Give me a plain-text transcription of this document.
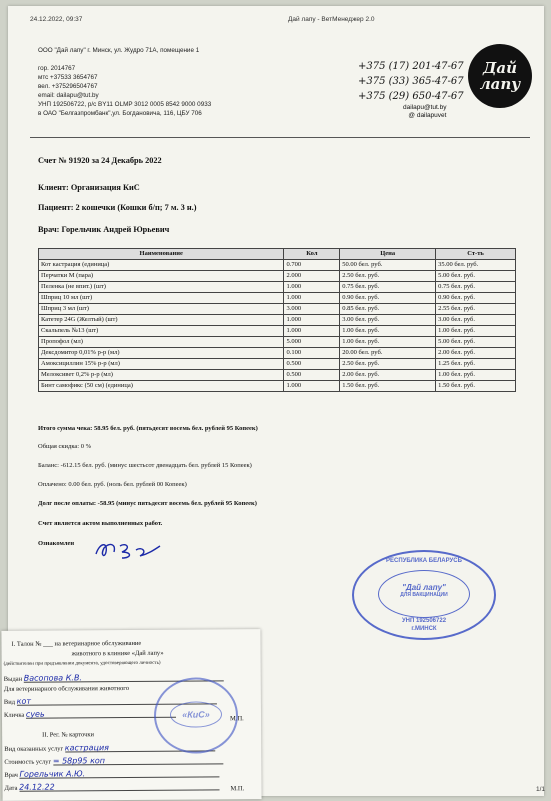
24.12.2022, 09:37	Дай лапу - ВетМенеджер 2.0
ООО "Дай лапу" г. Минск, ул. Жудро 71А, помещение 1
гор. 2014767
мтс +37533 3654767
вел. +375296504767
email: dailapu@tut.by
УНП 192506722, p/c BY11 OLMP 3012 0005 8542 9000 0933
в ОАО "Белгазпромбанк",ул. Богдановича, 116, ЦБУ 706
+375 (17) 201-47-67
+375 (33) 365-47-67
+375 (29) 650-47-67
dailapu@tut.by
@ dailapuvet
Дай
лапу
Счет № 91920 за 24 Декабрь 2022
Клиент: Организация КиС
Пациент: 2 кошечки (Кошки б/п; 7 м. 3 н.)
Врач: Горельчик Андрей Юрьевич
Наименование	Кол	Цена	Ст-ть
Кот кастрация (единица)	0.700	50.00 бел. руб.	35.00 бел. руб.
Перчатки М (пара)	2.000	2.50 бел. руб.	5.00 бел. руб.
Пеленка (не впит.) (шт)	1.000	0.75 бел. руб.	0.75 бел. руб.
Шприц 10 мл (шт)	1.000	0.90 бел. руб.	0.90 бел. руб.
Шприц 3 мл (шт)	3.000	0.85 бел. руб.	2.55 бел. руб.
Катетер 24G (Желтый) (шт)	1.000	3.00 бел. руб.	3.00 бел. руб.
Скальпель №13 (шт)	1.000	1.00 бел. руб.	1.00 бел. руб.
Пропофол (мл)	5.000	1.00 бел. руб.	5.00 бел. руб.
Дексдомитор 0,01% р-р (мл)	0.100	20.00 бел. руб.	2.00 бел. руб.
Амоксициллин 15% р-р (мл)	0.500	2.50 бел. руб.	1.25 бел. руб.
Мелоксивет 0,2% р-р (мл)	0.500	2.00 бел. руб.	1.00 бел. руб.
Бинт самофикс (50 см) (единица)	1.000	1.50 бел. руб.	1.50 бел. руб.
Итого сумма чека: 58.95 бел. руб. (пятьдесят восемь бел. рублей 95 Копеек)
Общая скидка: 0 %
Баланс: -612.15 бел. руб. (минус шестьсот двенадцать бел. рублей 15 Копеек)
Оплачено: 0.00 бел. руб. (ноль бел. рублей 00 Копеек)
Долг после оплаты: -58.95 (минус пятьдесят восемь бел. рублей 95 Копеек)
Счет является актом выполненных работ.
Ознакомлен
РЕСПУБЛИКА БЕЛАРУСЬ
"Дай лапу"
ДЛЯ ВАКЦИНАЦИИ
УНП 192506722
г.МИНСК
1/1
I. Талон № ___ на ветеринарное обслуживание
животного в клинике «Дай лапу»
(действителен при предъявлении документа, удостоверяющего личность)
Выдан Васопова К.В.
Для ветеринарного обслуживания животного
Вид кот
Кличка суеь
М.П.
II. Рег. № карточки
Вид оказанных услуг кастрация
Стоимость услуг = 58р95 коп
Врач Горельчик А.Ю.
Дата 24.12.22	М.П.
«КиС»
